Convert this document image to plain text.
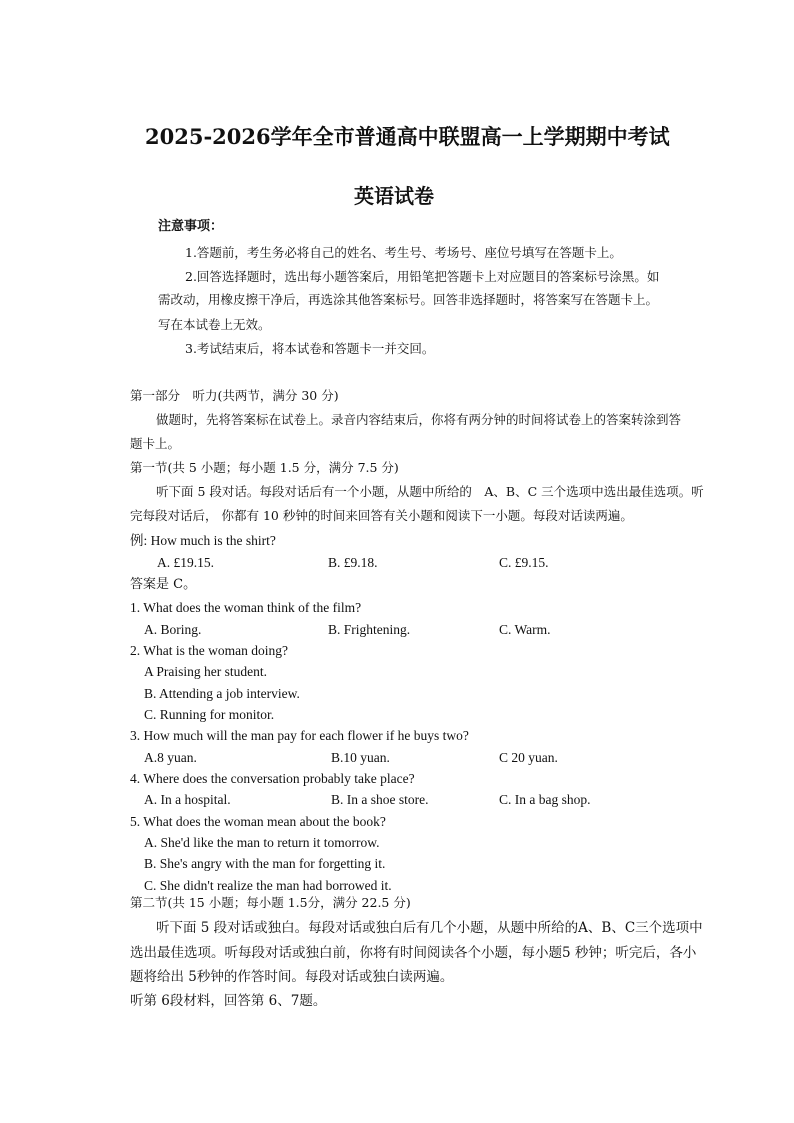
2025-2026学年全市普通高中联盟高一上学期期中考试
英语试卷
注意事项：
1.答题前，考生务必将自己的姓名、考生号、考场号、座位号填写在答题卡上。
2.回答选择题时，选出每小题答案后，用铅笔把答题卡上对应题目的答案标号涂黑。如
需改动，用橡皮擦干净后，再选涂其他答案标号。回答非选择题时，将答案写在答题卡上。
写在本试卷上无效。
3.考试结束后，将本试卷和答题卡一并交回。
第一部分　听力(共两节，满分 30 分)
做题时，先将答案标在试卷上。录音内容结束后，你将有两分钟的时间将试卷上的答案转涂到答
题卡上。
第一节(共 5 小题；每小题 1.5 分，满分 7.5 分)
听下面 5 段对话。每段对话后有一个小题，从题中所给的　A、B、C 三个选项中选出最佳选项。听
完每段对话后， 你都有 10 秒钟的时间来回答有关小题和阅读下一小题。每段对话读两遍。
例: How much is the shirt?
A. £19.15.	B. £9.18.	C. £9.15.
答案是 C。
1. What does the woman think of the film?
A. Boring.	B. Frightening.	C. Warm.
2. What is the woman doing?
A Praising her student.
B. Attending a job interview.
C. Running for monitor.
3. How much will the man pay for each flower if he buys two?
A.8 yuan.	B.10 yuan.	C 20 yuan.
4. Where does the conversation probably take place?
A. In a hospital.	B. In a shoe store.	C. In a bag shop.
5. What does the woman mean about the book?
A. She'd like the man to return it tomorrow.
B. She's angry with the man for forgetting it.
C. She didn't realize the man had borrowed it.
第二节(共 15 小题；每小题 1.5分，满分 22.5 分)
听下面 5 段对话或独白。每段对话或独白后有几个小题，从题中所给的A、B、C三个选项中
选出最佳选项。听每段对话或独白前，你将有时间阅读各个小题，每小题5 秒钟；听完后，各小
题将给出 5秒钟的作答时间。每段对话或独白读两遍。
听第 6段材料，回答第 6、7题。
